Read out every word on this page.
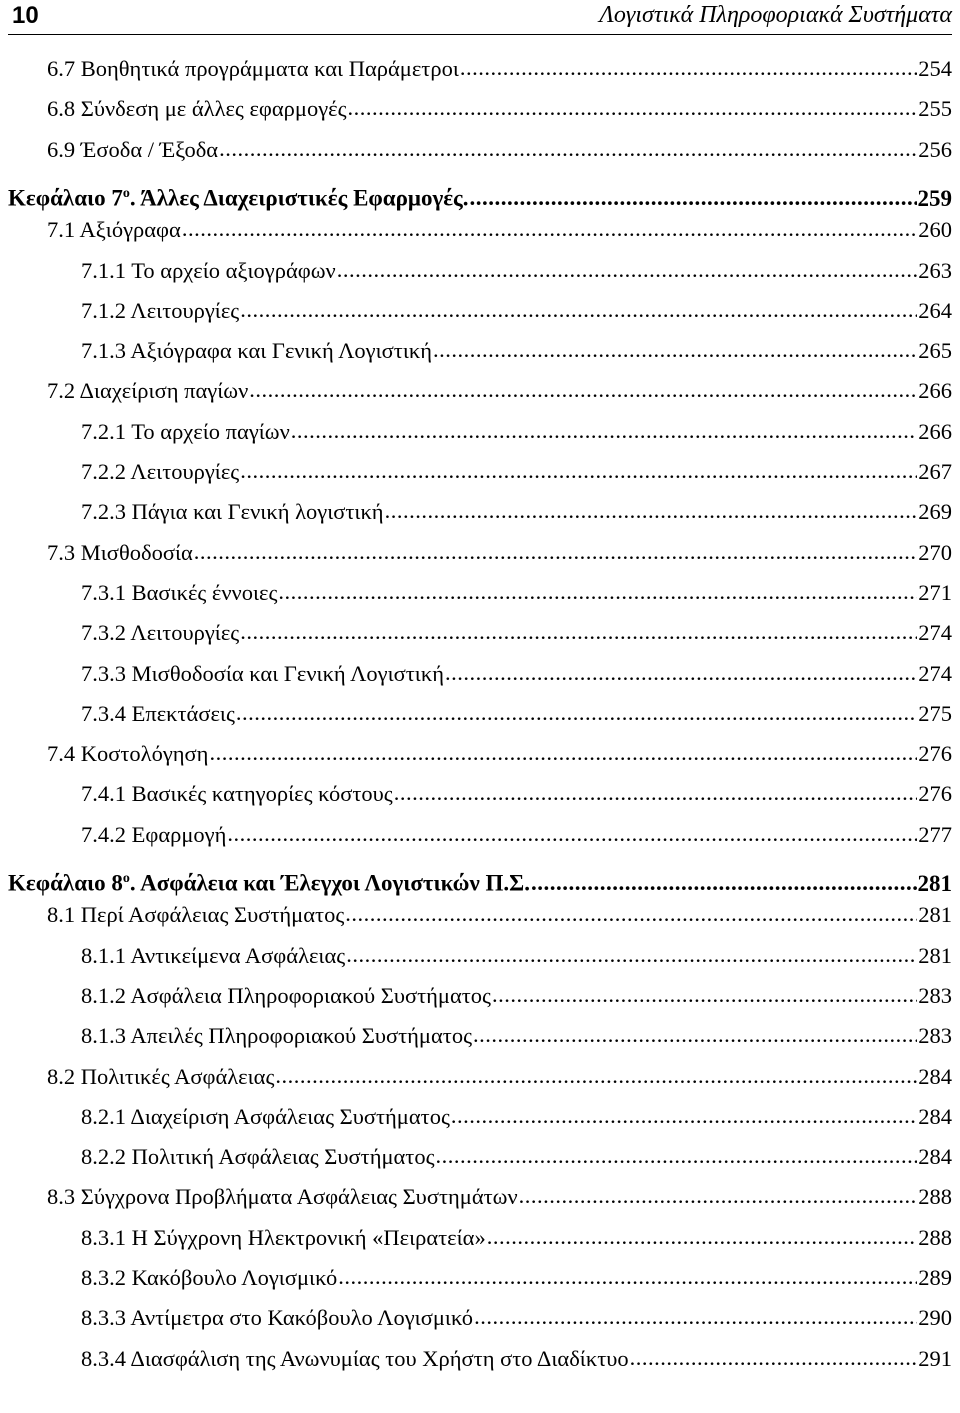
10	Λογιστικά Πληροφοριακά Συστήματα
6.7 Βοηθητικά προγράμματα και Παράμετροι .....	254
6.8 Σύνδεση με άλλες εφαρμογές .....	255
6.9 Έσοδα / Έξοδα .....	256
Κεφάλαιο $7^o$. Άλλες Διαχειριστικές Εφαρμογές. .....	259
7.1 Αξιόγραφα .....	260
7.1.1 Το αρχείο αξιογράφων .....	263
7.1.2 Λειτουργίες .....	264
7.1.3 Αξιόγραφα και Γενική Λογιστική .....	265
7.2 Διαχείριση παγίων .....	266
7.2.1 Το αρχείο παγίων .....	266
7.2.2 Λειτουργίες .....	267
7.2.3 Πάγια και Γενική λογιστική .....	269
7.3 Μισθοδοσία .....	270
7.3.1 Βασικές έννοιες .....	271
7.3.2 Λειτουργίες .....	274
7.3.3 Μισθοδοσία και Γενική Λογιστική .....	274
7.3.4 Επεκτάσεις .....	275
7.4 Κοστολόγηση .....	276
7.4.1 Βασικές κατηγορίες κόστους .....	276
7.4.2 Εφαρμογή .....	277
Κεφάλαιο $8^o$. Ασφάλεια και Έλεγχοι Λογιστικών Π.Σ. .....	281
8.1 Περί Ασφάλειας Συστήματος .....	281
8.1.1 Αντικείμενα Ασφάλειας .....	281
8.1.2 Ασφάλεια Πληροφοριακού Συστήματος .....	283
8.1.3 Απειλές Πληροφοριακού Συστήματος .....	283
8.2 Πολιτικές Ασφάλειας .....	284
8.2.1 Διαχείριση Ασφάλειας Συστήματος .....	284
8.2.2 Πολιτική Ασφάλειας Συστήματος .....	284
8.3 Σύγχρονα Προβλήματα Ασφάλειας Συστημάτων .....	288
8.3.1 Η Σύγχρονη Ηλεκτρονική «Πειρατεία» .....	288
8.3.2 Κακόβουλο Λογισμικό .....	289
8.3.3 Αντίμετρα στο Κακόβουλο Λογισμικό .....	290
8.3.4 Διασφάλιση της Ανωνυμίας του Χρήστη στο Διαδίκτυο .....	291
